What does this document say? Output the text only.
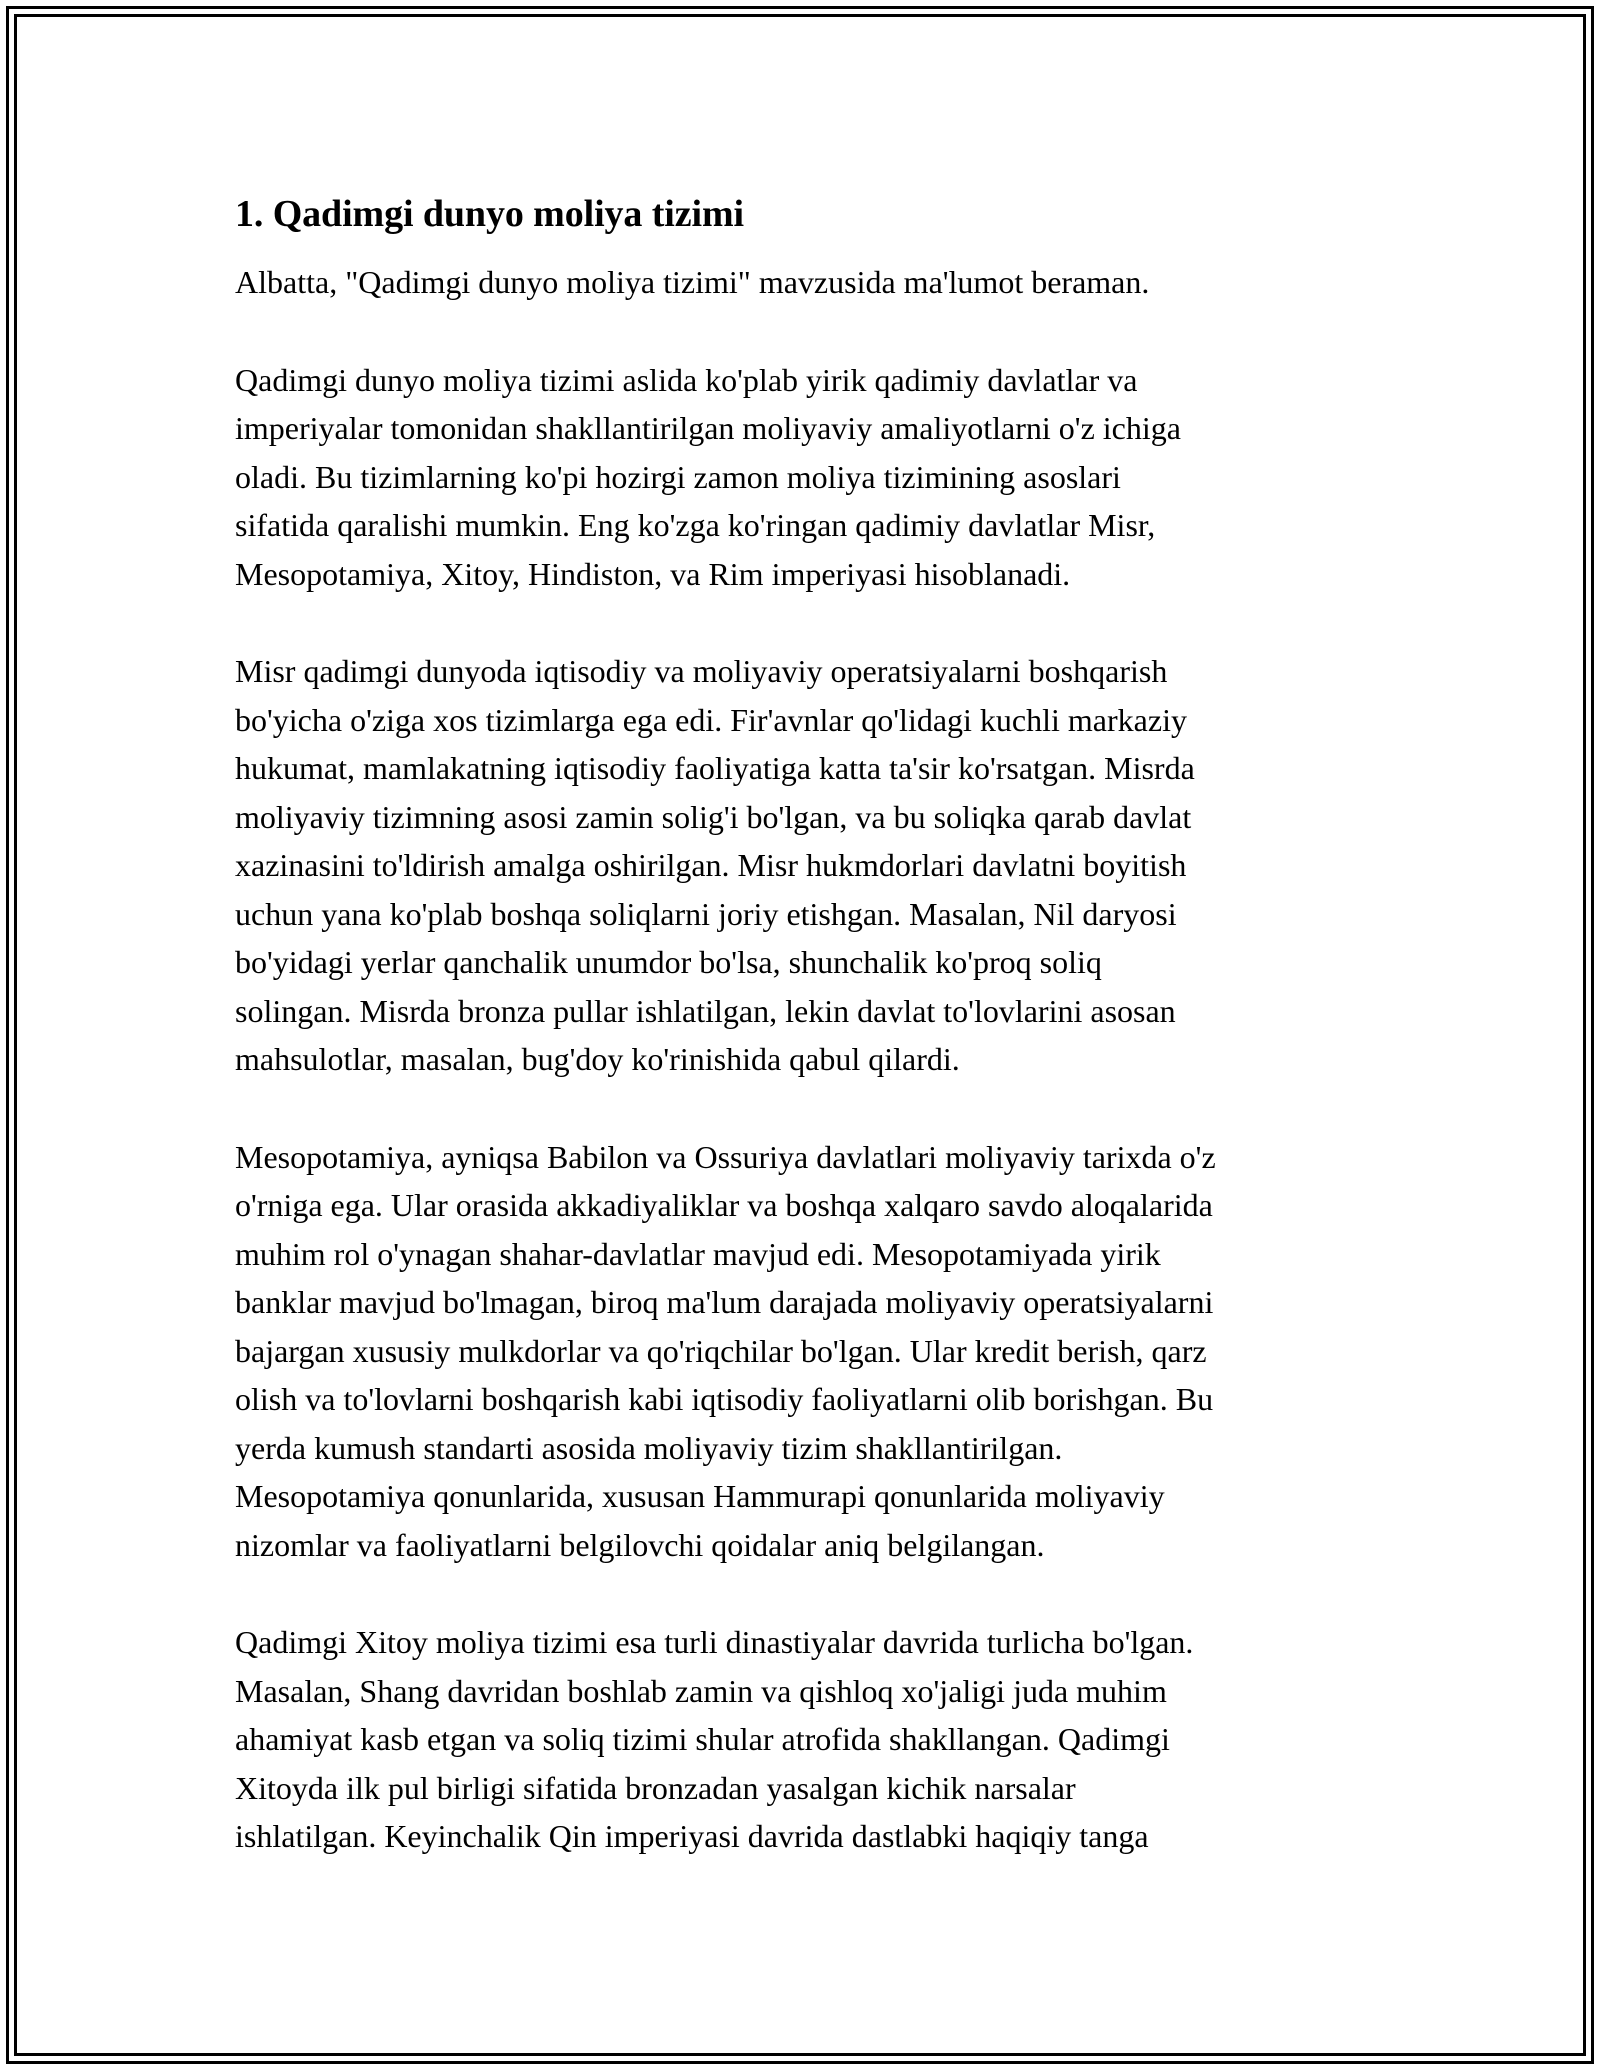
1. Qadimgi dunyo moliya tizimi

Albatta, "Qadimgi dunyo moliya tizimi" mavzusida ma'lumot beraman.

Qadimgi dunyo moliya tizimi aslida ko'plab yirik qadimiy davlatlar va
imperiyalar tomonidan shakllantirilgan moliyaviy amaliyotlarni o'z ichiga
oladi. Bu tizimlarning ko'pi hozirgi zamon moliya tizimining asoslari
sifatida qaralishi mumkin. Eng ko'zga ko'ringan qadimiy davlatlar Misr,
Mesopotamiya, Xitoy, Hindiston, va Rim imperiyasi hisoblanadi.

Misr qadimgi dunyoda iqtisodiy va moliyaviy operatsiyalarni boshqarish
bo'yicha o'ziga xos tizimlarga ega edi. Fir'avnlar qo'lidagi kuchli markaziy
hukumat, mamlakatning iqtisodiy faoliyatiga katta ta'sir ko'rsatgan. Misrda
moliyaviy tizimning asosi zamin solig'i bo'lgan, va bu soliqka qarab davlat
xazinasini to'ldirish amalga oshirilgan. Misr hukmdorlari davlatni boyitish
uchun yana ko'plab boshqa soliqlarni joriy etishgan. Masalan, Nil daryosi
bo'yidagi yerlar qanchalik unumdor bo'lsa, shunchalik ko'proq soliq
solingan. Misrda bronza pullar ishlatilgan, lekin davlat to'lovlarini asosan
mahsulotlar, masalan, bug'doy ko'rinishida qabul qilardi.

Mesopotamiya, ayniqsa Babilon va Ossuriya davlatlari moliyaviy tarixda o'z
o'rniga ega. Ular orasida akkadiyaliklar va boshqa xalqaro savdo aloqalarida
muhim rol o'ynagan shahar-davlatlar mavjud edi. Mesopotamiyada yirik
banklar mavjud bo'lmagan, biroq ma'lum darajada moliyaviy operatsiyalarni
bajargan xususiy mulkdorlar va qo'riqchilar bo'lgan. Ular kredit berish, qarz
olish va to'lovlarni boshqarish kabi iqtisodiy faoliyatlarni olib borishgan. Bu
yerda kumush standarti asosida moliyaviy tizim shakllantirilgan.
Mesopotamiya qonunlarida, xususan Hammurapi qonunlarida moliyaviy
nizomlar va faoliyatlarni belgilovchi qoidalar aniq belgilangan.

Qadimgi Xitoy moliya tizimi esa turli dinastiyalar davrida turlicha bo'lgan.
Masalan, Shang davridan boshlab zamin va qishloq xo'jaligi juda muhim
ahamiyat kasb etgan va soliq tizimi shular atrofida shakllangan. Qadimgi
Xitoyda ilk pul birligi sifatida bronzadan yasalgan kichik narsalar
ishlatilgan. Keyinchalik Qin imperiyasi davrida dastlabki haqiqiy tanga
